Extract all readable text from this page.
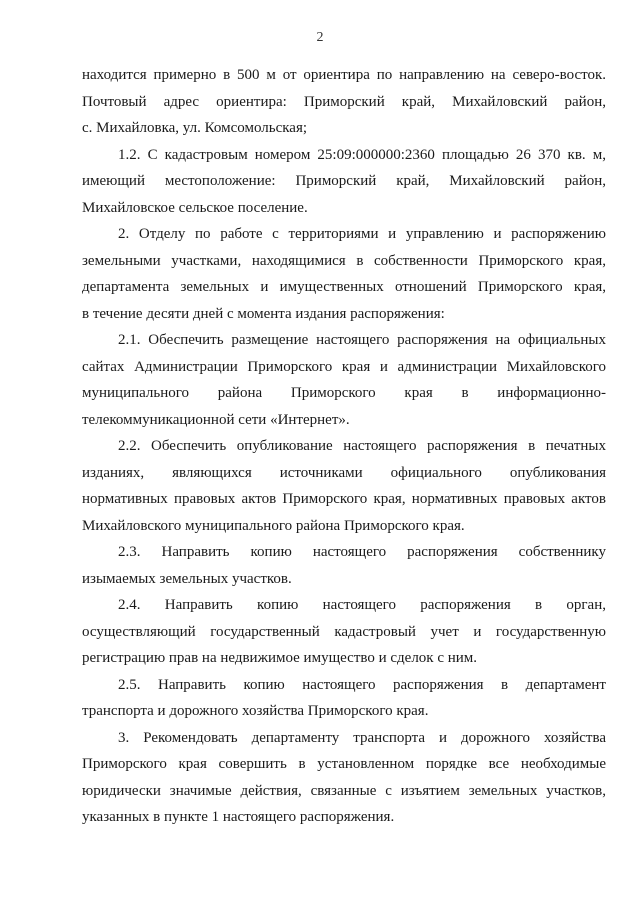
2

находится примерно в 500 м от ориентира по направлению на северо-восток.
Почтовый адрес ориентира: Приморский край, Михайловский район,
с. Михайловка, ул. Комсомольская;

1.2. С кадастровым номером 25:09:000000:2360 площадью 26 370 кв. м,
имеющий местоположение: Приморский край, Михайловский район,
Михайловское сельское поселение.

2. Отделу по работе с территориями и управлению и распоряжению
земельными участками, находящимися в собственности Приморского края,
департамента земельных и имущественных отношений Приморского края,
в течение десяти дней с момента издания распоряжения:

2.1. Обеспечить размещение настоящего распоряжения на официальных
сайтах Администрации Приморского края и администрации Михайловского
муниципального района Приморского края в информационно-
телекоммуникационной сети «Интернет».

2.2. Обеспечить опубликование настоящего распоряжения в печатных
изданиях, являющихся источниками официального опубликования
нормативных правовых актов Приморского края, нормативных правовых актов
Михайловского муниципального района Приморского края.

2.3. Направить копию настоящего распоряжения собственнику
изымаемых земельных участков.

2.4. Направить копию настоящего распоряжения в орган,
осуществляющий государственный кадастровый учет и государственную
регистрацию прав на недвижимое имущество и сделок с ним.

2.5. Направить копию настоящего распоряжения в департамент
транспорта и дорожного хозяйства Приморского края.

3. Рекомендовать департаменту транспорта и дорожного хозяйства
Приморского края совершить в установленном порядке все необходимые
юридически значимые действия, связанные с изъятием земельных участков,
указанных в пункте 1 настоящего распоряжения.
